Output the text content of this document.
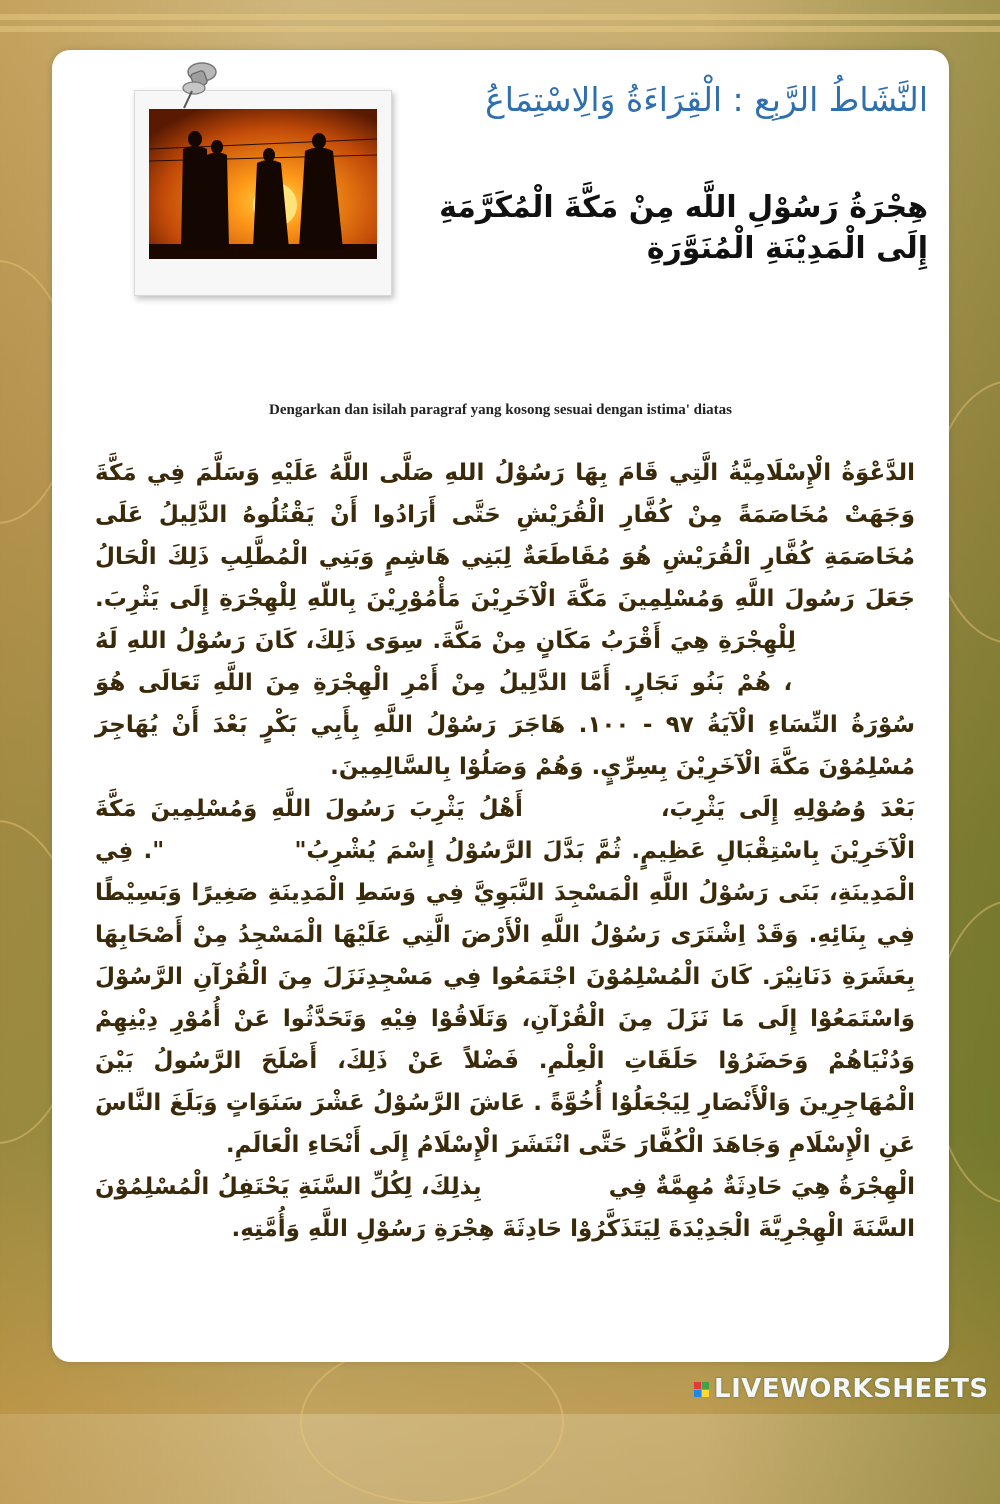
النَّشَاطُ الرَّبِع : الْقِرَاءَةُ وَالِاسْتِمَاعُ
هِجْرَةُ رَسُوْلِ اللَّه مِنْ مَكَّةَ الْمُكَرَّمَةِ
إِلَى الْمَدِيْنَةِ الْمُنَوَّرَةِ
Dengarkan dan isilah paragraf yang kosong sesuai dengan istima' diatas

الدَّعْوَةُ الْإِسْلَامِيَّةُ الَّتِي قَامَ بِهَا رَسُوْلُ اللهِ صَلَّى اللَّهُ عَلَيْهِ وَسَلَّمَ فِي مَكَّةَ وَجَهَتْ مُخَاصَمَةً مِنْ كُفَّارِ الْقُرَيْشِ حَتَّى أَرَادُوا أَنْ يَقْتُلُوهُ الدَّلِيلُ عَلَى مُخَاصَمَةِ كُفَّارِ الْقُرَيْشِ هُوَ مُقَاطَعَةٌ لِبَنِي هَاشِمٍ وَبَنِي الْمُطَّلِبِ ذَلِكَ الْحَالُ جَعَلَ رَسُولَ اللَّهِ وَمُسْلِمِينَ مَكَّةَ الْآخَرِيْنَ مَأْمُوْرِيْنَ بِاللّهِ لِلْهِجْرَةِ إِلَى يَثْرِبَ.  لِلْهِجْرَةِ هِيَ أَقْرَبُ مَكَانٍ مِنْ مَكَّةَ. سِوَى ذَلِكَ، كَانَ رَسُوْلُ اللهِ لَهُ  ، هُمْ بَنُو نَجَارٍ. أَمَّا الدَّلِيلُ مِنْ أَمْرِ الْهِجْرَةِ مِنَ اللَّهِ تَعَالَى هُوَ سُوْرَةُ النِّسَاءِ الْآيَةُ ٩٧ - ١٠٠. هَاجَرَ رَسُوْلُ اللَّهِ بِأَبِي بَكْرٍ بَعْدَ أَنْ يُهَاجِرَ مُسْلِمُوْنَ مَكَّةَ الْآخَرِيْنَ بِسِرِّيٍ. وَهُمْ وَصَلُوْا بِالسَّالِمِينَ.

بَعْدَ وُصُوْلِهِ إِلَى يَثْرِبَ،  أَهْلُ يَثْرِبَ رَسُولَ اللَّهِ وَمُسْلِمِينَ مَكَّةَ الْآخَرِيْنَ بِاسْتِقْبَالِ عَظِيمٍ. ثُمَّ بَدَّلَ الرَّسُوْلُ إِسْمَ يُشْرِبُ"  ". فِي الْمَدِينَةِ، بَنَى رَسُوْلُ اللَّهِ الْمَسْجِدَ النَّبَوِيَّ فِي وَسَطِ الْمَدِينَةِ صَغِيرًا وَبَسِيْطًا فِي بِنَائِهِ. وَقَدْ اِشْتَرَى رَسُوْلُ اللَّهِ الْأَرْضَ الَّتِي عَلَيْهَا الْمَسْجِدُ مِنْ أَصْحَابِهَا بِعَشَرَةِ دَنَانِيْرَ. كَانَ الْمُسْلِمُوْنَ اجْتَمَعُوا فِي مَسْجِدِنَزَلَ مِنَ الْقُرْآنِ الرَّسُوْلَ وَاسْتَمَعُوْا إِلَى مَا نَزَلَ مِنَ الْقُرْآنِ، وَتَلَاقُوْا فِيْهِ وَتَحَدَّثُوا عَنْ أُمُوْرِ دِيْنِهِمْ وَدُنْيَاهُمْ وَحَضَرُوْا حَلَقَاتِ الْعِلْمِ. فَضْلاً عَنْ ذَلِكَ، أَصْلَحَ الرَّسُولُ بَيْنَ الْمُهَاجِرِينَ وَالْأَنْصَارِ لِيَجْعَلُوْا أُخُوَّةً . عَاشَ الرَّسُوْلُ عَشْرَ سَنَوَاتٍ وَبَلَغَ النَّاسَ عَنِ الْإِسْلَامِ وَجَاهَدَ الْكُفَّارَ حَتَّى انْتَشَرَ الْإِسْلَامُ إِلَى أَنْحَاءِ الْعَالَمِ.

الْهِجْرَةُ هِيَ حَادِثَةٌ مُهِمَّةٌ فِي  بِذلِكَ، لِكُلِّ السَّنَةِ يَحْتَفِلُ الْمُسْلِمُوْنَ السَّنَةَ الْهِجْرِيَّةَ الْجَدِيْدَةَ لِيَتَذَكَّرُوْا حَادِثَةَ هِجْرَةِ رَسُوْلِ اللَّهِ وَأُمَّتِهِ.

LIVEWORKSHEETS
